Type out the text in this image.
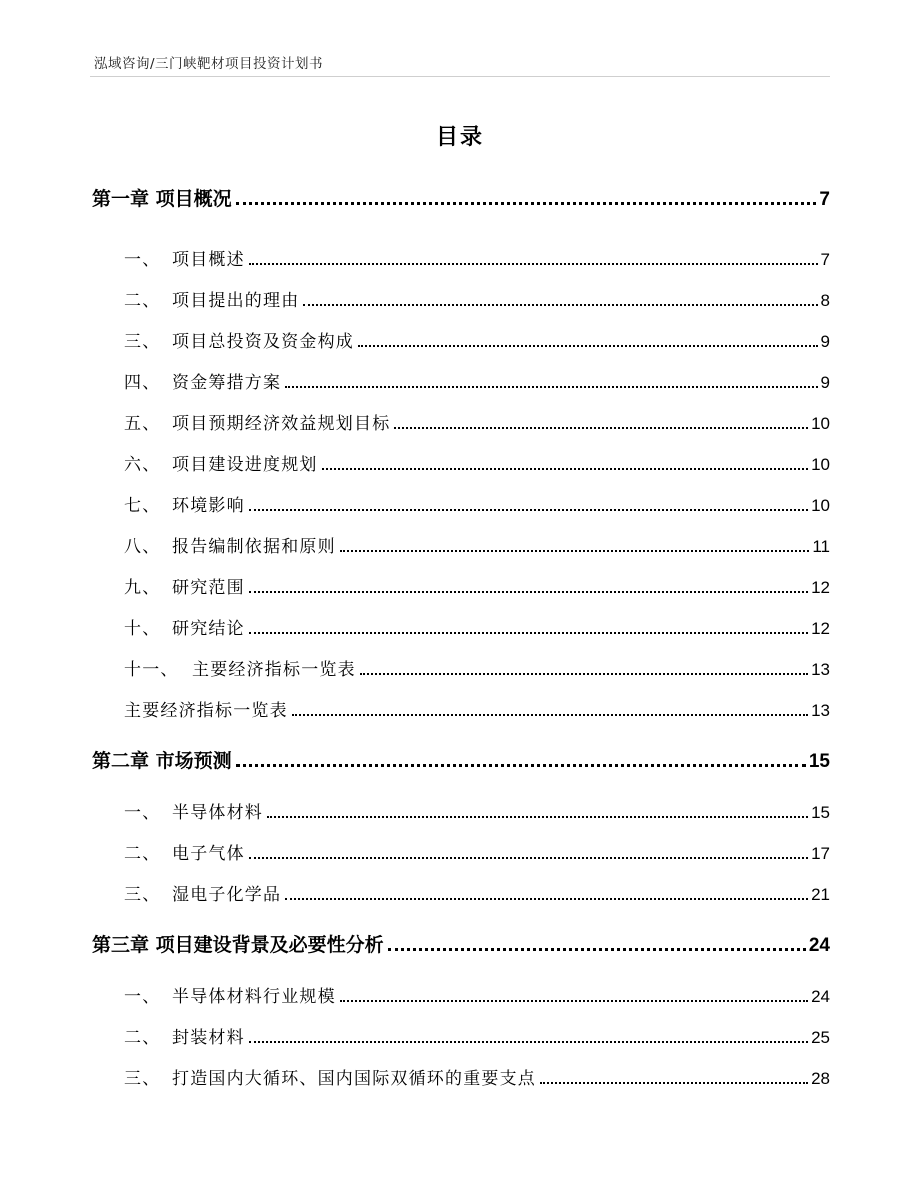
泓域咨询/三门峡靶材项目投资计划书
目录
第一章 项目概况	7
一、 项目概述	7
二、 项目提出的理由	8
三、 项目总投资及资金构成	9
四、 资金筹措方案	9
五、 项目预期经济效益规划目标	10
六、 项目建设进度规划	10
七、 环境影响	10
八、 报告编制依据和原则	11
九、 研究范围	12
十、 研究结论	12
十一、 主要经济指标一览表	13
主要经济指标一览表	13
第二章 市场预测	15
一、 半导体材料	15
二、 电子气体	17
三、 湿电子化学品	21
第三章 项目建设背景及必要性分析	24
一、 半导体材料行业规模	24
二、 封装材料	25
三、 打造国内大循环、国内国际双循环的重要支点	28
